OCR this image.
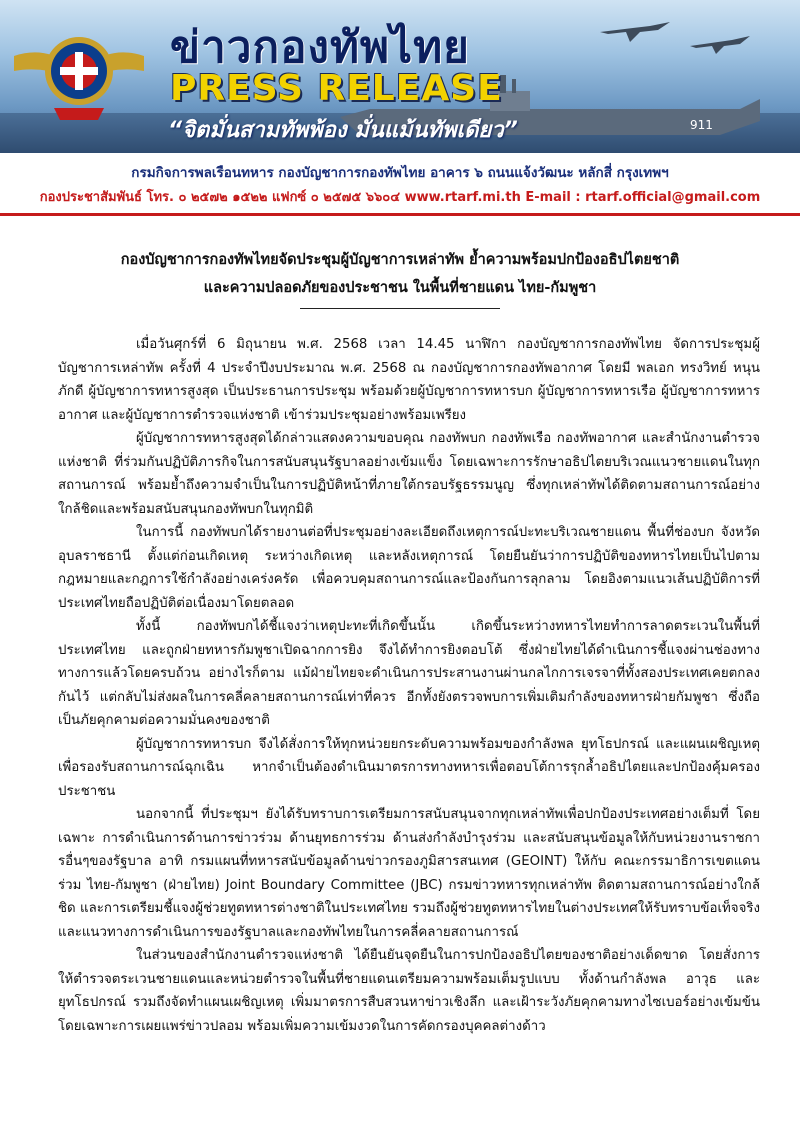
911
ข่าวกองทัพไทย
PRESS RELEASE
“จิตมั่นสามทัพพ้อง มั่นแม้นทัพเดียว”
กรมกิจการพลเรือนทหาร กองบัญชาการกองทัพไทย อาคาร ๖ ถนนแจ้งวัฒนะ หลักสี่ กรุงเทพฯ
กองประชาสัมพันธ์ โทร. ๐ ๒๕๗๒ ๑๕๒๒ แฟกซ์ ๐ ๒๕๗๕ ๖๖๐๔ www.rtarf.mi.th E-mail : rtarf.official@gmail.com
กองบัญชาการกองทัพไทยจัดประชุมผู้บัญชาการเหล่าทัพ ย้ำความพร้อมปกป้องอธิปไตยชาติ
และความปลอดภัยของประชาชน ในพื้นที่ชายแดน ไทย-กัมพูชา

เมื่อวันศุกร์ที่ 6 มิถุนายน พ.ศ. 2568 เวลา 14.45 นาฬิกา กองบัญชาการกองทัพไทย จัดการประชุมผู้บัญชาการเหล่าทัพ ครั้งที่ 4 ประจำปีงบประมาณ พ.ศ. 2568 ณ กองบัญชาการกองทัพอากาศ โดยมี พลเอก ทรงวิทย์ หนุนภักดี ผู้บัญชาการทหารสูงสุด เป็นประธานการประชุม พร้อมด้วยผู้บัญชาการทหารบก ผู้บัญชาการทหารเรือ ผู้บัญชาการทหารอากาศ และผู้บัญชาการตำรวจแห่งชาติ เข้าร่วมประชุมอย่างพร้อมเพรียง

ผู้บัญชาการทหารสูงสุดได้กล่าวแสดงความขอบคุณ กองทัพบก กองทัพเรือ กองทัพอากาศ และสำนักงานตำรวจแห่งชาติ ที่ร่วมกันปฏิบัติภารกิจในการสนับสนุนรัฐบาลอย่างเข้มแข็ง โดยเฉพาะการรักษาอธิปไตยบริเวณแนวชายแดนในทุกสถานการณ์ พร้อมย้ำถึงความจำเป็นในการปฏิบัติหน้าที่ภายใต้กรอบรัฐธรรมนูญ ซึ่งทุกเหล่าทัพได้ติดตามสถานการณ์อย่างใกล้ชิดและพร้อมสนับสนุนกองทัพบกในทุกมิติ

ในการนี้ กองทัพบกได้รายงานต่อที่ประชุมอย่างละเอียดถึงเหตุการณ์ปะทะบริเวณชายแดน พื้นที่ช่องบก จังหวัดอุบลราชธานี ตั้งแต่ก่อนเกิดเหตุ ระหว่างเกิดเหตุ และหลังเหตุการณ์ โดยยืนยันว่าการปฏิบัติของทหารไทยเป็นไปตามกฎหมายและกฎการใช้กำลังอย่างเคร่งครัด เพื่อควบคุมสถานการณ์และป้องกันการลุกลาม โดยอิงตามแนวเส้นปฏิบัติการที่ประเทศไทยถือปฏิบัติต่อเนื่องมาโดยตลอด

ทั้งนี้ กองทัพบกได้ชี้แจงว่าเหตุปะทะที่เกิดขึ้นนั้น เกิดขึ้นระหว่างทหารไทยทำการลาดตระเวนในพื้นที่ประเทศไทย และถูกฝ่ายทหารกัมพูชาเปิดฉากการยิง จึงได้ทำการยิงตอบโต้ ซึ่งฝ่ายไทยได้ดำเนินการชี้แจงผ่านช่องทางทางการแล้วโดยครบถ้วน อย่างไรก็ตาม แม้ฝ่ายไทยจะดำเนินการประสานงานผ่านกลไกการเจรจาที่ทั้งสองประเทศเคยตกลงกันไว้ แต่กลับไม่ส่งผลในการคลี่คลายสถานการณ์เท่าที่ควร อีกทั้งยังตรวจพบการเพิ่มเติมกำลังของทหารฝ่ายกัมพูชา ซึ่งถือเป็นภัยคุกคามต่อความมั่นคงของชาติ

ผู้บัญชาการทหารบก จึงได้สั่งการให้ทุกหน่วยยกระดับความพร้อมของกำลังพล ยุทโธปกรณ์ และแผนเผชิญเหตุเพื่อรองรับสถานการณ์ฉุกเฉิน หากจำเป็นต้องดำเนินมาตรการทางทหารเพื่อตอบโต้การรุกล้ำอธิปไตยและปกป้องคุ้มครองประชาชน

นอกจากนี้ ที่ประชุมฯ ยังได้รับทราบการเตรียมการสนับสนุนจากทุกเหล่าทัพเพื่อปกป้องประเทศอย่างเต็มที่ โดยเฉพาะ การดำเนินการด้านการข่าวร่วม ด้านยุทธการร่วม ด้านส่งกำลังบำรุงร่วม และสนับสนุนข้อมูลให้กับหน่วยงานราชการอื่นๆของรัฐบาล อาทิ กรมแผนที่ทหารสนับข้อมูลด้านข่าวกรองภูมิสารสนเทศ (GEOINT) ให้กับ คณะกรรมาธิการเขตแดนร่วม ไทย-กัมพูชา (ฝ่ายไทย) Joint Boundary Committee (JBC) กรมข่าวทหารทุกเหล่าทัพ ติดตามสถานการณ์อย่างใกล้ชิด และการเตรียมชี้แจงผู้ช่วยทูตทหารต่างชาติในประเทศไทย รวมถึงผู้ช่วยทูตทหารไทยในต่างประเทศให้รับทราบข้อเท็จจริงและแนวทางการดำเนินการของรัฐบาลและกองทัพไทยในการคลี่คลายสถานการณ์

ในส่วนของสำนักงานตำรวจแห่งชาติ ได้ยืนยันจุดยืนในการปกป้องอธิปไตยของชาติอย่างเด็ดขาด โดยสั่งการให้ตำรวจตระเวนชายแดนและหน่วยตำรวจในพื้นที่ชายแดนเตรียมความพร้อมเต็มรูปแบบ ทั้งด้านกำลังพล อาวุธ และยุทโธปกรณ์ รวมถึงจัดทำแผนเผชิญเหตุ เพิ่มมาตรการสืบสวนหาข่าวเชิงลึก และเฝ้าระวังภัยคุกคามทางไซเบอร์อย่างเข้มข้น โดยเฉพาะการเผยแพร่ข่าวปลอม พร้อมเพิ่มความเข้มงวดในการคัดกรองบุคคลต่างด้าว
